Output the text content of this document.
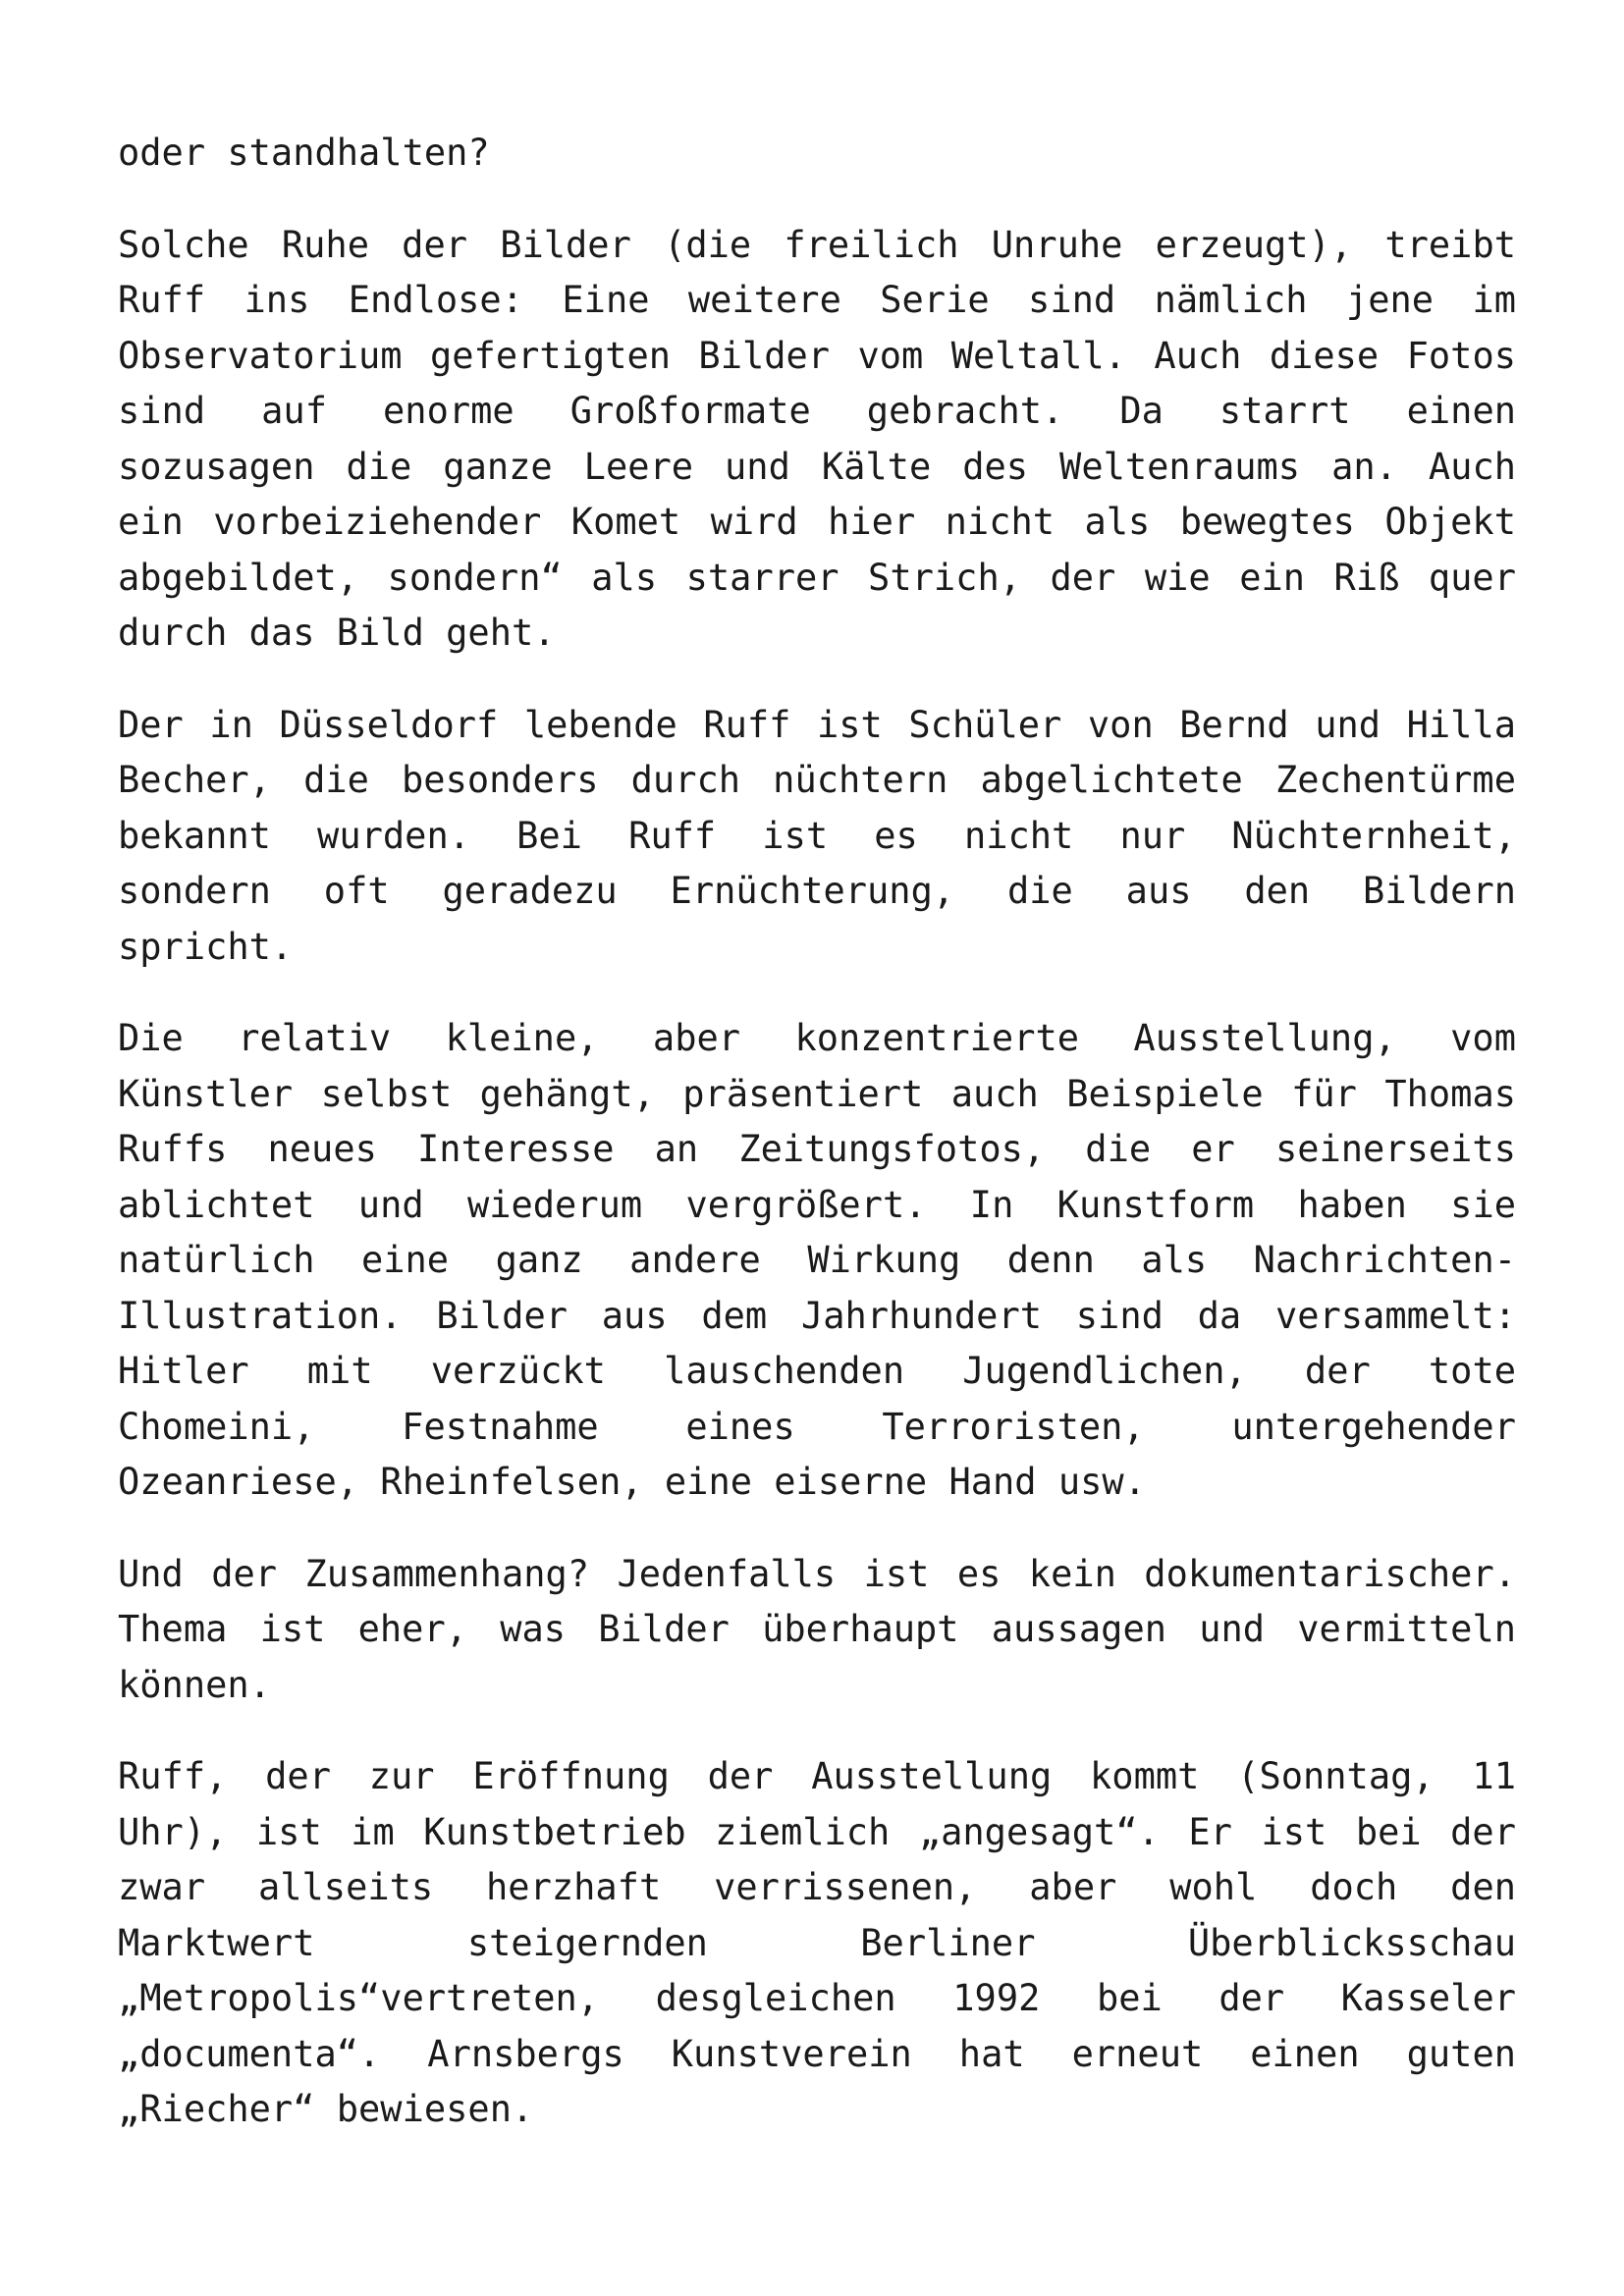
oder standhalten?
Solche Ruhe der Bilder (die freilich Unruhe erzeugt), treibt
Ruff ins Endlose: Eine weitere Serie sind nämlich jene im
Observatorium gefertigten Bilder vom Weltall. Auch diese Fotos
sind auf enorme Großformate gebracht. Da starrt einen
sozusagen die ganze Leere und Kälte des Weltenraums an. Auch
ein vorbeiziehender Komet wird hier nicht als bewegtes Objekt
abgebildet, sondern“ als starrer Strich, der wie ein Riß quer
durch das Bild geht.
Der in Düsseldorf lebende Ruff ist Schüler von Bernd und Hilla
Becher, die besonders durch nüchtern abgelichtete Zechentürme
bekannt wurden. Bei Ruff ist es nicht nur Nüchternheit,
sondern oft geradezu Ernüchterung, die aus den Bildern
spricht.
Die relativ kleine, aber konzentrierte Ausstellung, vom
Künstler selbst gehängt, präsentiert auch Beispiele für Thomas
Ruffs neues Interesse an Zeitungsfotos, die er seinerseits
ablichtet und wiederum vergrößert. In Kunstform haben sie
natürlich eine ganz andere Wirkung denn als Nachrichten-
Illustration. Bilder aus dem Jahrhundert sind da versammelt:
Hitler mit verzückt lauschenden Jugendlichen, der tote
Chomeini, Festnahme eines Terroristen, untergehender
Ozeanriese, Rheinfelsen, eine eiserne Hand usw.
Und der Zusammenhang? Jedenfalls ist es kein dokumentarischer.
Thema ist eher, was Bilder überhaupt aussagen und vermitteln
können.
Ruff, der zur Eröffnung der Ausstellung kommt (Sonntag, 11
Uhr), ist im Kunstbetrieb ziemlich „angesagt“. Er ist bei der
zwar allseits herzhaft verrissenen, aber wohl doch den
Marktwert steigernden Berliner Überblicksschau
„Metropolis“vertreten, desgleichen 1992 bei der Kasseler
„documenta“. Arnsbergs Kunstverein hat erneut einen guten
„Riecher“ bewiesen.
